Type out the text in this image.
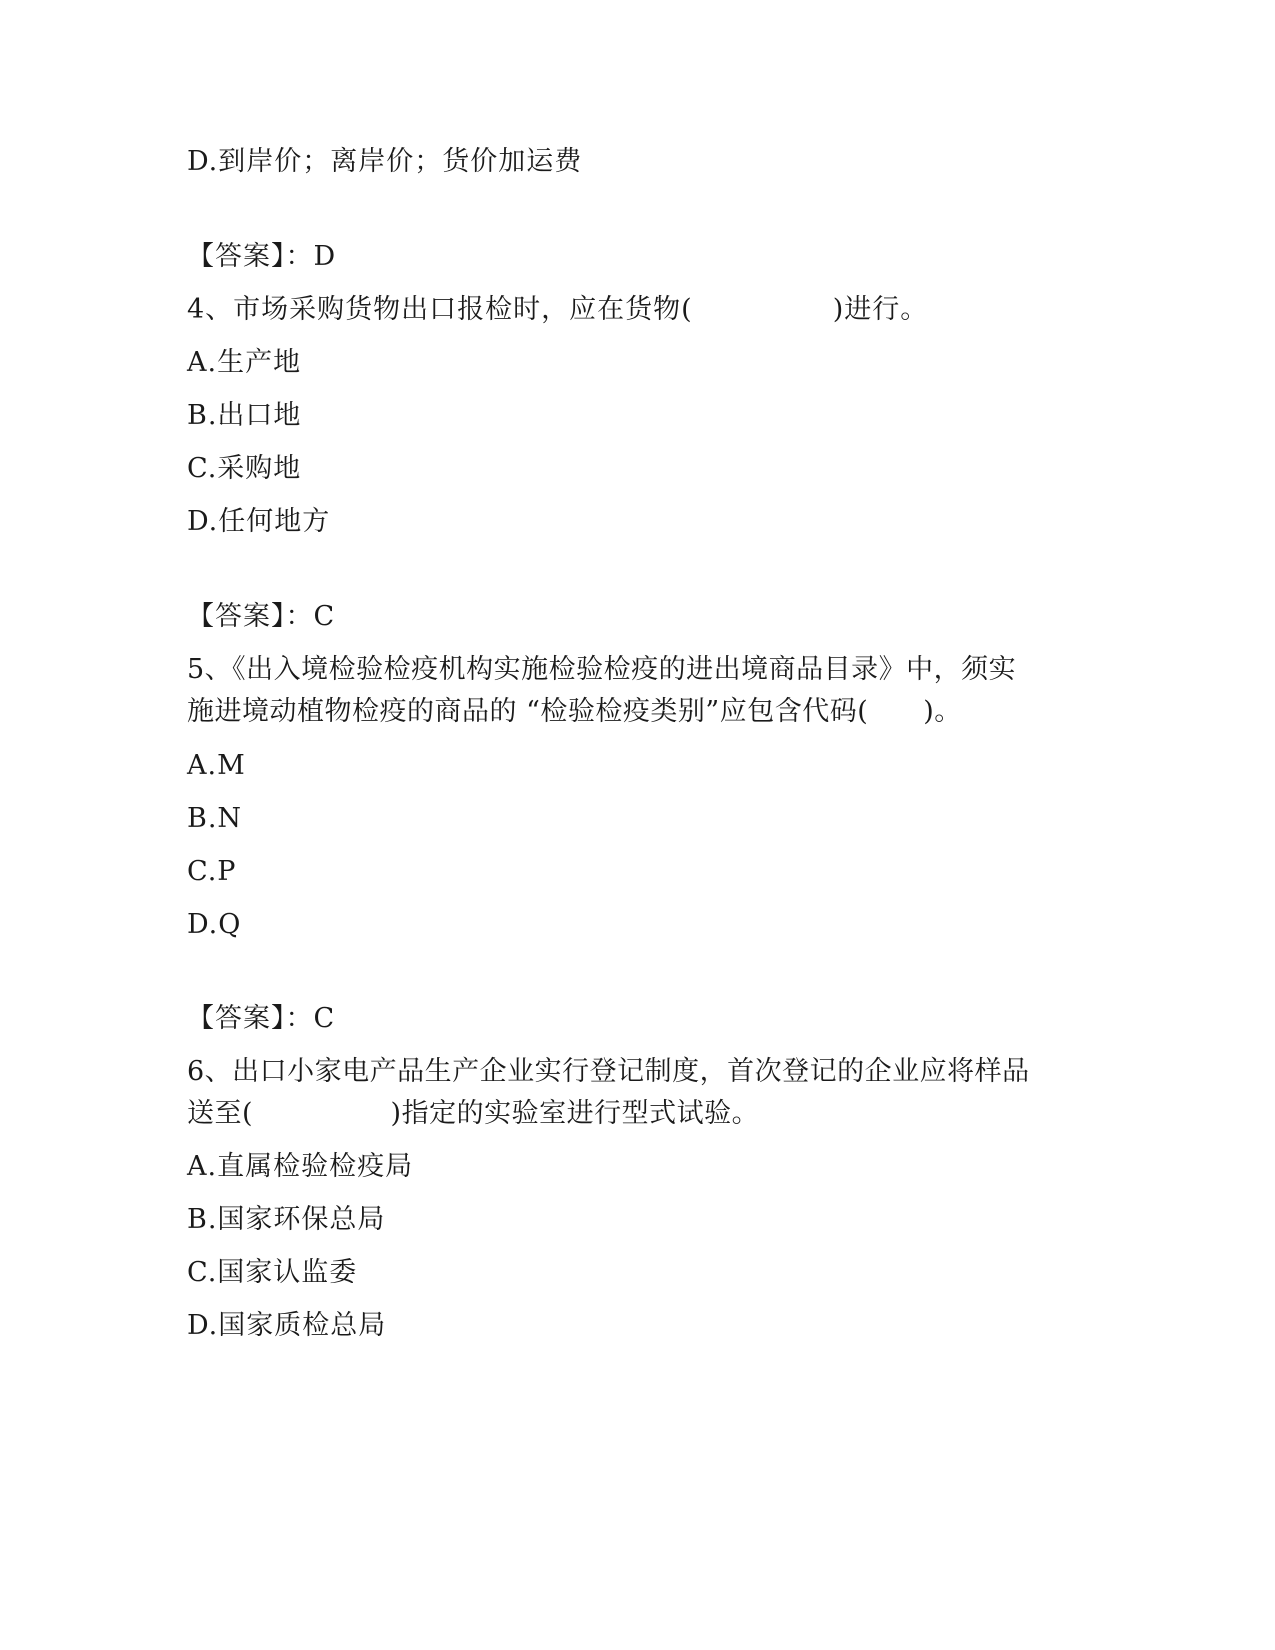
D.到岸价；离岸价；货价加运费
【答案】：D
4、市场采购货物出口报检时，应在货物(　　　　　)进行。
A.生产地
B.出口地
C.采购地
D.任何地方
【答案】：C
5、《出入境检验检疫机构实施检验检疫的进出境商品目录》中，须实
施进境动植物检疫的商品的 “检验检疫类别”应包含代码(　　)。
A.M
B.N
C.P
D.Q
【答案】：C
6、出口小家电产品生产企业实行登记制度，首次登记的企业应将样品
送至(　　　　　)指定的实验室进行型式试验。
A.直属检验检疫局
B.国家环保总局
C.国家认监委
D.国家质检总局
